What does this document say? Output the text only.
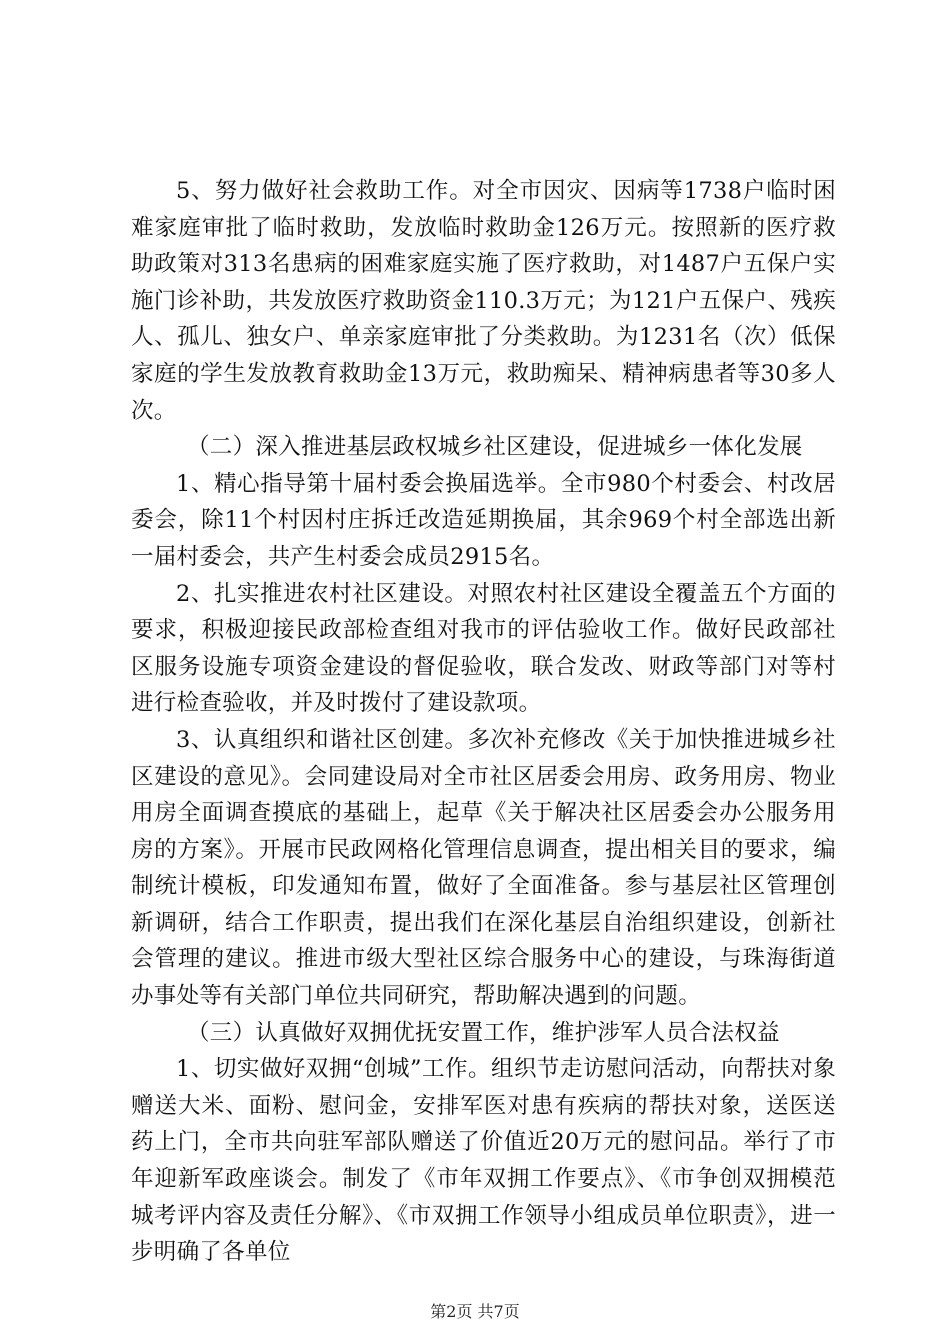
5、努力做好社会救助工作。对全市因灾、因病等1738户临时困难家庭审批了临时救助，发放临时救助金126万元。按照新的医疗救助政策对313名患病的困难家庭实施了医疗救助，对1487户五保户实施门诊补助，共发放医疗救助资金110.3万元；为121户五保户、残疾人、孤儿、独女户、单亲家庭审批了分类救助。为1231名（次）低保家庭的学生发放教育救助金13万元，救助痴呆、精神病患者等30多人次。

（二）深入推进基层政权城乡社区建设，促进城乡一体化发展

1、精心指导第十届村委会换届选举。全市980个村委会、村改居委会，除11个村因村庄拆迁改造延期换届，其余969个村全部选出新一届村委会，共产生村委会成员2915名。

2、扎实推进农村社区建设。对照农村社区建设全覆盖五个方面的要求，积极迎接民政部检查组对我市的评估验收工作。做好民政部社区服务设施专项资金建设的督促验收，联合发改、财政等部门对等村进行检查验收，并及时拨付了建设款项。

3、认真组织和谐社区创建。多次补充修改《关于加快推进城乡社区建设的意见》。会同建设局对全市社区居委会用房、政务用房、物业用房全面调查摸底的基础上，起草《关于解决社区居委会办公服务用房的方案》。开展市民政网格化管理信息调查，提出相关目的要求，编制统计模板，印发通知布置，做好了全面准备。参与基层社区管理创新调研，结合工作职责，提出我们在深化基层自治组织建设，创新社会管理的建议。推进市级大型社区综合服务中心的建设，与珠海街道办事处等有关部门单位共同研究，帮助解决遇到的问题。

（三）认真做好双拥优抚安置工作，维护涉军人员合法权益

1、切实做好双拥“创城”工作。组织节走访慰问活动，向帮扶对象赠送大米、面粉、慰问金，安排军医对患有疾病的帮扶对象，送医送药上门，全市共向驻军部队赠送了价值近20万元的慰问品。举行了市年迎新军政座谈会。制发了《市年双拥工作要点》、《市争创双拥模范城考评内容及责任分解》、《市双拥工作领导小组成员单位职责》，进一步明确了各单位

第2页 共7页
